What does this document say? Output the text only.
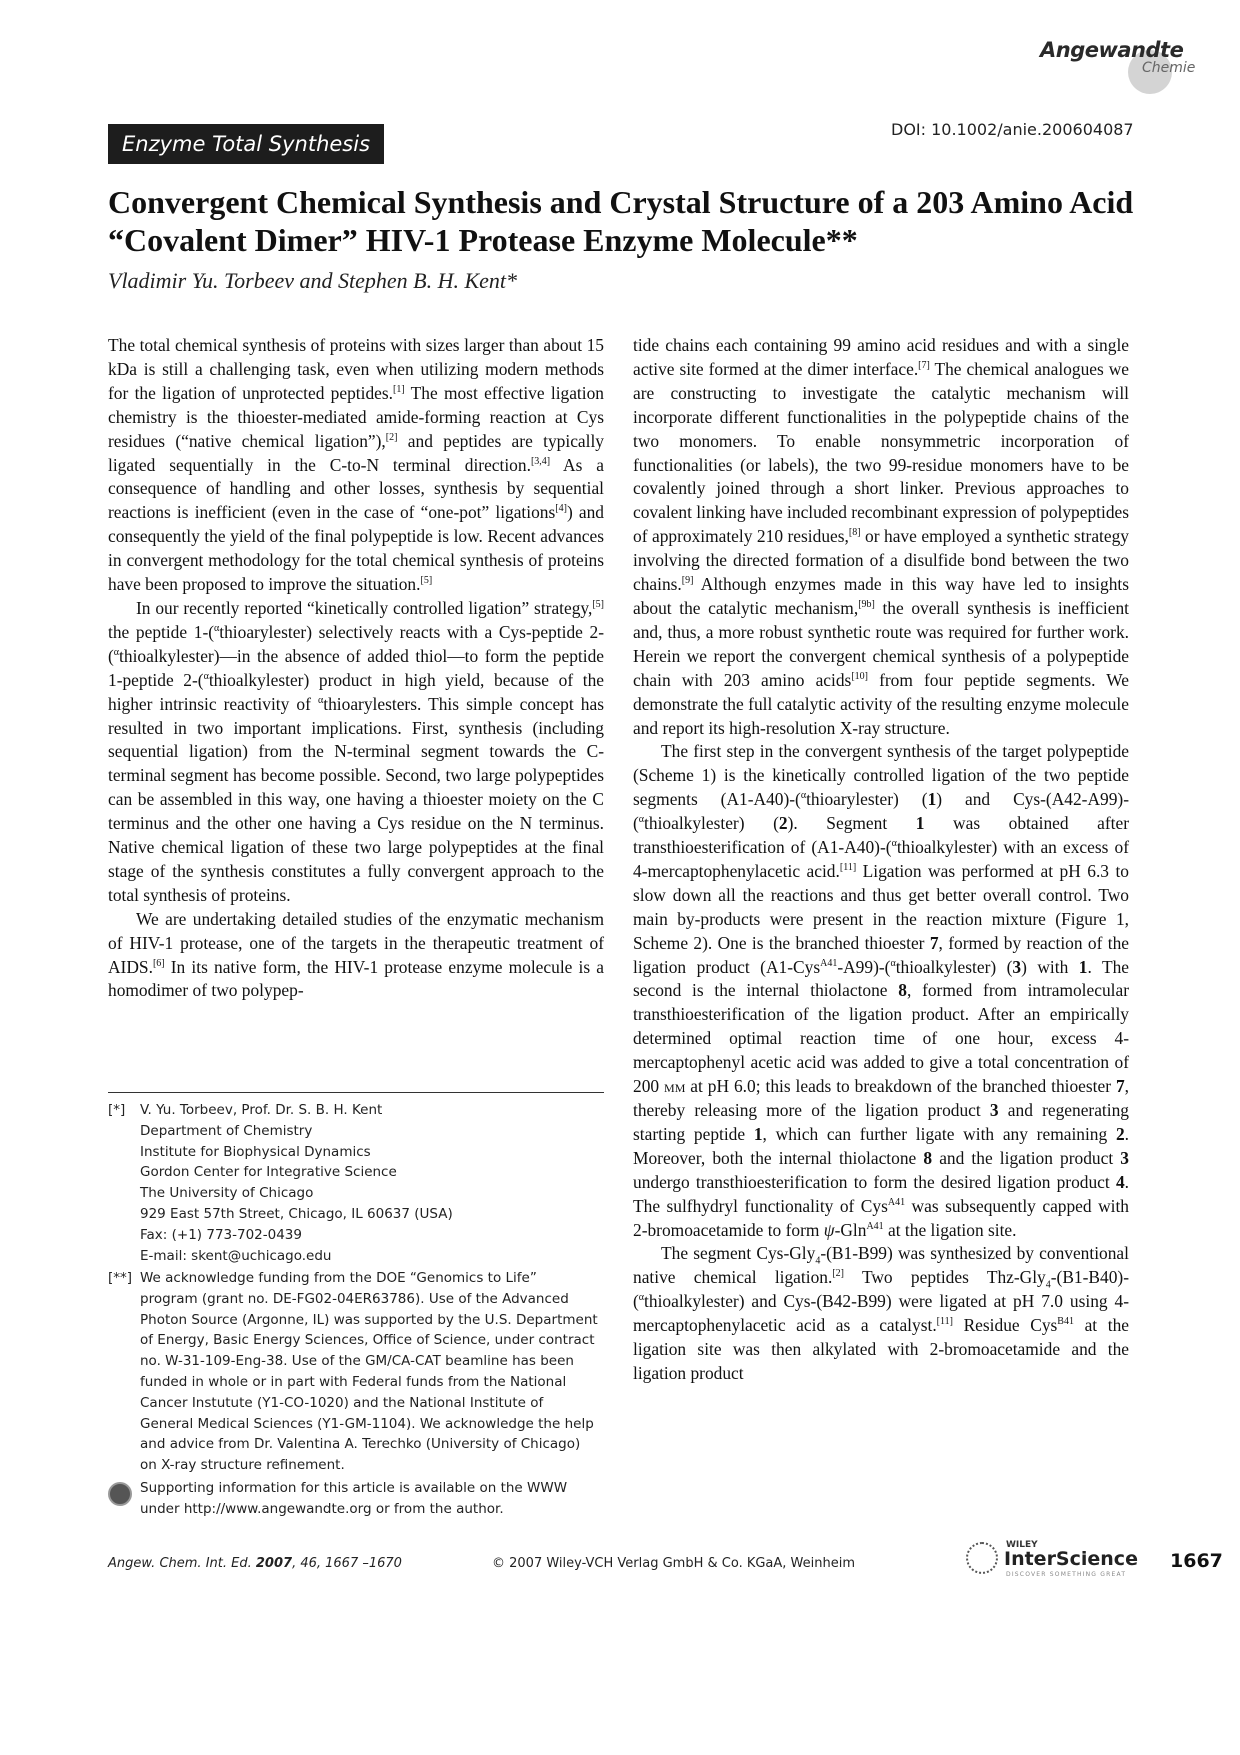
Angewandte
Chemie
Enzyme Total Synthesis
DOI: 10.1002/anie.200604087
Convergent Chemical Synthesis and Crystal Structure of a 203 Amino Acid “Covalent Dimer” HIV-1 Protease Enzyme Molecule**
Vladimir Yu. Torbeev and Stephen B. H. Kent*

The total chemical synthesis of proteins with sizes larger than about 15 kDa is still a challenging task, even when utilizing modern methods for the ligation of unprotected peptides.[1] The most effective ligation chemistry is the thioester-mediated amide-forming reaction at Cys residues (“native chemical ligation”),[2] and peptides are typically ligated sequentially in the C-to-N terminal direction.[3,4] As a consequence of handling and other losses, synthesis by sequential reactions is inefficient (even in the case of “one-pot” ligations[4]) and consequently the yield of the final polypeptide is low. Recent advances in convergent methodology for the total chemical synthesis of proteins have been proposed to improve the situation.[5]

In our recently reported “kinetically controlled ligation” strategy,[5] the peptide 1-($^\alpha$thioarylester) selectively reacts with a Cys-peptide 2-($^\alpha$thioalkylester)—in the absence of added thiol—to form the peptide 1-peptide 2-($^\alpha$thioalkylester) product in high yield, because of the higher intrinsic reactivity of $^\alpha$thioarylesters. This simple concept has resulted in two important implications. First, synthesis (including sequential ligation) from the N-terminal segment towards the C-terminal segment has become possible. Second, two large polypeptides can be assembled in this way, one having a thioester moiety on the C terminus and the other one having a Cys residue on the N terminus. Native chemical ligation of these two large polypeptides at the final stage of the synthesis constitutes a fully convergent approach to the total synthesis of proteins.

We are undertaking detailed studies of the enzymatic mechanism of HIV-1 protease, one of the targets in the therapeutic treatment of AIDS.[6] In its native form, the HIV-1 protease enzyme molecule is a homodimer of two polypep-

tide chains each containing 99 amino acid residues and with a single active site formed at the dimer interface.[7] The chemical analogues we are constructing to investigate the catalytic mechanism will incorporate different functionalities in the polypeptide chains of the two monomers. To enable nonsymmetric incorporation of functionalities (or labels), the two 99-residue monomers have to be covalently joined through a short linker. Previous approaches to covalent linking have included recombinant expression of polypeptides of approximately 210 residues,[8] or have employed a synthetic strategy involving the directed formation of a disulfide bond between the two chains.[9] Although enzymes made in this way have led to insights about the catalytic mechanism,[9b] the overall synthesis is inefficient and, thus, a more robust synthetic route was required for further work. Herein we report the convergent chemical synthesis of a polypeptide chain with 203 amino acids[10] from four peptide segments. We demonstrate the full catalytic activity of the resulting enzyme molecule and report its high-resolution X-ray structure.

The first step in the convergent synthesis of the target polypeptide (Scheme 1) is the kinetically controlled ligation of the two peptide segments (A1-A40)-($^\alpha$thioarylester) (1) and Cys-(A42-A99)-($^\alpha$thioalkylester) (2). Segment 1 was obtained after transthioesterification of (A1-A40)-($^\alpha$thioalkylester) with an excess of 4-mercaptophenylacetic acid.[11] Ligation was performed at pH 6.3 to slow down all the reactions and thus get better overall control. Two main by-products were present in the reaction mixture (Figure 1, Scheme 2). One is the branched thioester 7, formed by reaction of the ligation product (A1-Cys$^{A41}$-A99)-($^\alpha$thioalkylester) (3) with 1. The second is the internal thiolactone 8, formed from intramolecular transthioesterification of the ligation product. After an empirically determined optimal reaction time of one hour, excess 4-mercaptophenyl acetic acid was added to give a total concentration of 200 mm at pH 6.0; this leads to breakdown of the branched thioester 7, thereby releasing more of the ligation product 3 and regenerating starting peptide 1, which can further ligate with any remaining 2. Moreover, both the internal thiolactone 8 and the ligation product 3 undergo transthioesterification to form the desired ligation product 4. The sulfhydryl functionality of Cys$^{A41}$ was subsequently capped with 2-bromoacetamide to form ψ-Gln$^{A41}$ at the ligation site.

The segment Cys-Gly$_4$-(B1-B99) was synthesized by conventional native chemical ligation.[2] Two peptides Thz-Gly$_4$-(B1-B40)-($^\alpha$thioalkylester) and Cys-(B42-B99) were ligated at pH 7.0 using 4-mercaptophenylacetic acid as a catalyst.[11] Residue Cys$^{B41}$ at the ligation site was then alkylated with 2-bromoacetamide and the ligation product

[*] V. Yu. Torbeev, Prof. Dr. S. B. H. Kent
Department of Chemistry
Institute for Biophysical Dynamics
Gordon Center for Integrative Science
The University of Chicago
929 East 57th Street, Chicago, IL 60637 (USA)
Fax: (+1) 773-702-0439
E-mail: skent@uchicago.edu
[**] We acknowledge funding from the DOE “Genomics to Life”
program (grant no. DE-FG02-04ER63786). Use of the Advanced
Photon Source (Argonne, IL) was supported by the U.S. Department
of Energy, Basic Energy Sciences, Office of Science, under contract
no. W-31-109-Eng-38. Use of the GM/CA-CAT beamline has been
funded in whole or in part with Federal funds from the National
Cancer Instutute (Y1-CO-1020) and the National Institute of
General Medical Sciences (Y1-GM-1104). We acknowledge the help
and advice from Dr. Valentina A. Terechko (University of Chicago)
on X-ray structure refinement.
Supporting information for this article is available on the WWW
under http://www.angewandte.org or from the author.
Angew. Chem. Int. Ed. 2007, 46, 1667 –1670	© 2007 Wiley-VCH Verlag GmbH & Co. KGaA, Weinheim
WILEY
InterScience
DISCOVER SOMETHING GREAT
1667
